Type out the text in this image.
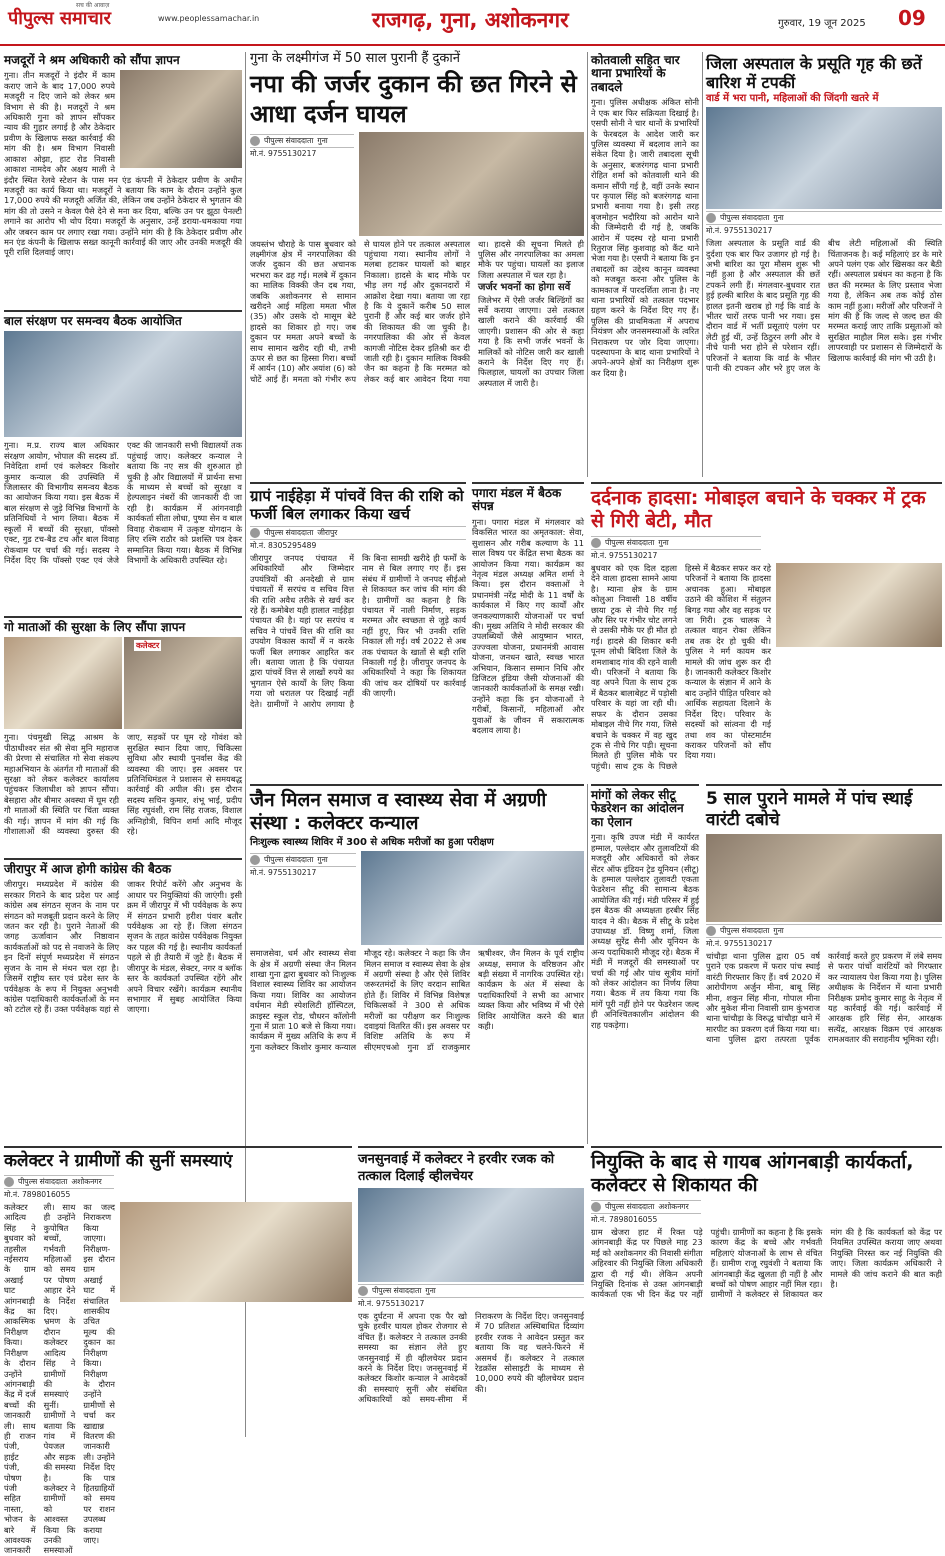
पीपुल्स समाचार
सच की आवाज़
www.peoplessamachar.in	राजगढ़, गुना, अशोकनगर	गुरुवार, 19 जून 2025 09
मजदूरों ने श्रम अधिकारी को सौंपा ज्ञापन
गुना। तीन मजदूरों ने इंदौर में काम कराए जाने के बाद 17,000 रुपये मजदूरी न दिए जाने को लेकर श्रम विभाग से की है। मजदूरों ने श्रम अधिकारी गुना को ज्ञापन सौंपकर न्याय की गुहार लगाई है और ठेकेदार प्रवीण के खिलाफ सख्त कार्रवाई की मांग की है। श्रम विभाग निवासी आकाश ओझा, हाट रोड निवासी आकाश नामदेव और अक्षय माली ने इंदौर स्थित रेलवे स्टेशन के पास मन एंड कंपनी में ठेकेदार प्रवीण के अधीन मजदूरी का कार्य किया था। मजदूरों ने बताया कि काम के दौरान उन्होंने कुल 17,000 रुपये की मजदूरी अर्जित की, लेकिन जब उन्होंने ठेकेदार से भुगतान की मांग की तो उसने न केवल पैसे देने से मना कर दिया, बल्कि उन पर झूठा पेनल्टी लगाने का आरोप भी थोप दिया। मजदूरों के अनुसार, उन्हें डराया-धमकाया गया और जबरन काम पर लगाए रखा गया। उन्होंने मांग की है कि ठेकेदार प्रवीण और मन एंड कंपनी के खिलाफ सख्त कानूनी कार्रवाई की जाए और उनकी मजदूरी की पूरी राशि दिलवाई जाए।
बाल संरक्षण पर समन्वय बैठक आयोजित
गुना। म.प्र. राज्य बाल अधिकार संरक्षण आयोग, भोपाल की सदस्य डॉ. निवेदिता शर्मा एवं कलेक्टर किशोर कुमार कन्याल की उपस्थिति में जिलास्तर की विभागीय समन्वय बैठक का आयोजन किया गया। इस बैठक में बाल संरक्षण से जुड़े विभिन्न विभागों के प्रतिनिधियों ने भाग लिया। बैठक में स्कूलों में बच्चों की सुरक्षा, पॉक्सो एक्ट, गुड टच-बैड टच और बाल विवाह रोकथाम पर चर्चा की गई। सदस्य ने निर्देश दिए कि पॉक्सो एक्ट एवं जेजे एक्ट की जानकारी सभी विद्यालयों तक पहुंचाई जाए। कलेक्टर कन्याल ने बताया कि नए सत्र की शुरुआत हो चुकी है और विद्यालयों में प्रार्थना सभा के माध्यम से बच्चों को सुरक्षा व हेल्पलाइन नंबरों की जानकारी दी जा रही है। कार्यक्रम में आंगनवाड़ी कार्यकर्ता सीता लोधा, पुष्पा सेन व बाल विवाह रोकथाम में उत्कृष्ट योगदान के लिए रश्मि राठौर को प्रशस्ति पत्र देकर सम्मानित किया गया। बैठक में विभिन्न विभागों के अधिकारी उपस्थित रहे।
गो माताओं की सुरक्षा के लिए सौंपा ज्ञापन
कलेक्टर
गुना। पंचमुखी सिद्ध आश्रम के पीठाधीश्वर संत श्री सेवा मुनि महाराज की प्रेरणा से संचालित गो सेवा संकल्प महाअभियान के अंतर्गत गौ माताओं की सुरक्षा को लेकर कलेक्टर कार्यालय पहुंचकर जिलाधीश को ज्ञापन सौंपा। बेसहारा और बीमार अवस्था में घूम रही गौ माताओं की स्थिति पर चिंता व्यक्त की गई। ज्ञापन में मांग की गई कि गौशालाओं की व्यवस्था दुरुस्त की जाए, सड़कों पर घूम रहे गोवंश को सुरक्षित स्थान दिया जाए, चिकित्सा सुविधा और स्थायी पुनर्वास केंद्र की व्यवस्था की जाए। इस अवसर पर प्रतिनिधिमंडल ने प्रशासन से समयबद्ध कार्रवाई की अपील की। इस दौरान सदस्य सचिन कुमार, शंभू भाई, प्रदीप सिंह रघुवंशी, राम सिंह राजक, विशाल अग्निहोत्री, विपिन शर्मा आदि मौजूद रहे।
जीरापुर में आज होगी कांग्रेस की बैठक
जीरापुर। मध्यप्रदेश में कांग्रेस की सरकार गिराने के बाद प्रदेश पर आई कांग्रेस अब संगठन सृजन के नाम पर संगठन को मजबूती प्रदान करने के लिए जतन कर रही है। पुराने नेताओं की जगह ऊर्जावान और निष्ठावान कार्यकर्ताओं को पद से नवाजने के लिए इन दिनों संपूर्ण मध्यप्रदेश में संगठन सृजन के नाम से मंथन चल रहा है। जिसमें राष्ट्रीय स्तर एवं प्रदेश स्तर के पर्यवेक्षक के रूप में नियुक्त अनुभवी कांग्रेस पदाधिकारी कार्यकर्ताओं के मन को टटोल रहे हैं। उक्त पर्यवेक्षक यहां से जाकर रिपोर्ट करेंगे और अनुभव के आधार पर नियुक्तियां की जाएंगी। इसी क्रम में जीरापुर में भी पर्यवेक्षक के रूप में संगठन प्रभारी हरीश पंवार बतौर पर्यवेक्षक आ रहे हैं। जिला संगठन सृजन के तहत कांग्रेस पर्यवेक्षक नियुक्त कर पहल की गई है। स्थानीय कार्यकर्ता पहले से ही तैयारी में जुटे हैं। बैठक में जीरापुर के मंडल, सेक्टर, नगर व ब्लॉक स्तर के कार्यकर्ता उपस्थित रहेंगे और अपने विचार रखेंगे। कार्यक्रम स्थानीय सभागार में सुबह आयोजित किया जाएगा।
गुना के लक्ष्मीगंज में 50 साल पुरानी हैं दुकानें
नपा की जर्जर दुकान की छत गिरने से आधा दर्जन घायल
पीपुल्स संवाददाता गुना
मो.नं. 9755130217
जयस्तंभ चौराहे के पास बुधवार को लक्ष्मीगंज क्षेत्र में नगरपालिका की जर्जर दुकान की छत अचानक भरभरा कर ढह गई। मलबे में दुकान का मालिक विक्की जैन दब गया, जबकि अशोकनगर से सामान खरीदने आई महिला ममता भील (35) और उसके दो मासूम बेटे हादसे का शिकार हो गए। जब दुकान पर ममता अपने बच्चों के साथ सामान खरीद रही थी, तभी ऊपर से छत का हिस्सा गिरा। बच्चों में आर्यन (10) और अयांश (6) को चोटें आई हैं। ममता को गंभीर रूप से घायल होने पर तत्काल अस्पताल पहुंचाया गया। स्थानीय लोगों ने मलबा हटाकर घायलों को बाहर निकाला। हादसे के बाद मौके पर भीड़ लग गई और दुकानदारों में आक्रोश देखा गया। बताया जा रहा है कि ये दुकानें करीब 50 साल पुरानी हैं और कई बार जर्जर होने की शिकायत की जा चुकी है। नगरपालिका की ओर से केवल कागजी नोटिस देकर इतिश्री कर दी जाती रही है। दुकान मालिक विक्की जैन का कहना है कि मरम्मत को लेकर कई बार आवेदन दिया गया था। हादसे की सूचना मिलते ही पुलिस और नगरपालिका का अमला मौके पर पहुंचा। घायलों का इलाज जिला अस्पताल में चल रहा है।
जर्जर भवनों का होगा सर्वे
जिलेभर में ऐसी जर्जर बिल्डिंगों का सर्वे कराया जाएगा। उसे तत्काल खाली कराने की कार्रवाई की जाएगी। प्रशासन की ओर से कहा गया है कि सभी जर्जर भवनों के मालिकों को नोटिस जारी कर खाली कराने के निर्देश दिए गए हैं। फिलहाल, घायलों का उपचार जिला अस्पताल में जारी है।
कोतवाली सहित चार थाना प्रभारियों के तबादले
गुना। पुलिस अधीक्षक अंकित सोनी ने एक बार फिर सक्रियता दिखाई है। एसपी सोनी ने चार थानों के प्रभारियों के फेरबदल के आदेश जारी कर पुलिस व्यवस्था में बदलाव लाने का संकेत दिया है। जारी तबादला सूची के अनुसार, बजरंगगढ़ थाना प्रभारी रोहित शर्मा को कोतवाली थाने की कमान सौंपी गई है, वहीं उनके स्थान पर कृपाल सिंह को बजरंगगढ़ थाना प्रभारी बनाया गया है। इसी तरह बृजमोहन भदौरिया को आरोन थाने की जिम्मेदारी दी गई है, जबकि आरोन में पदस्थ रहे थाना प्रभारी रितुराज सिंह कुशवाह को कैंट थाने भेजा गया है। एसपी ने बताया कि इन तबादलों का उद्देश्य कानून व्यवस्था को मजबूत करना और पुलिस के कामकाज में पारदर्शिता लाना है। नए थाना प्रभारियों को तत्काल पदभार ग्रहण करने के निर्देश दिए गए हैं। पुलिस की प्राथमिकता में अपराध नियंत्रण और जनसमस्याओं के त्वरित निराकरण पर जोर दिया जाएगा। पदस्थापना के बाद थाना प्रभारियों ने अपने-अपने क्षेत्रों का निरीक्षण शुरू कर दिया है।
जिला अस्पताल के प्रसूति गृह की छतें बारिश में टपकीं
वार्ड में भरा पानी, महिलाओं की जिंदगी खतरे में
पीपुल्स संवाददाता गुना
मो.नं. 9755130217
जिला अस्पताल के प्रसूति वार्ड की दुर्दशा एक बार फिर उजागर हो गई है। अभी बारिश का पूरा मौसम शुरू भी नहीं हुआ है और अस्पताल की छतें टपकने लगी हैं। मंगलवार-बुधवार रात हुई हल्की बारिश के बाद प्रसूति गृह की हालत इतनी खराब हो गई कि वार्ड के भीतर चारों तरफ पानी भर गया। इस दौरान वार्ड में भर्ती प्रसूताएं पलंग पर लेटी हुई थीं, उन्हें ठिठुरन लगी और वे नीचे पानी भरा होने से परेशान रहीं। परिजनों ने बताया कि वार्ड के भीतर पानी की टपकन और भरे हुए जल के बीच लेटी महिलाओं की स्थिति चिंताजनक है। कई महिलाएं डर के मारे अपने पलंग एक ओर खिसका कर बैठी रहीं। अस्पताल प्रबंधन का कहना है कि छत की मरम्मत के लिए प्रस्ताव भेजा गया है, लेकिन अब तक कोई ठोस काम नहीं हुआ। मरीजों और परिजनों ने मांग की है कि जल्द से जल्द छत की मरम्मत कराई जाए ताकि प्रसूताओं को सुरक्षित माहौल मिल सके। इस गंभीर लापरवाही पर प्रशासन से जिम्मेदारों के खिलाफ कार्रवाई की मांग भी उठी है।
ग्रापं नाईहेड़ा में पांचवें वित्त की राशि को फर्जी बिल लगाकर किया खर्च
पीपुल्स संवाददाता जीरापुर
मो.नं. 8305295489
जीरापुर जनपद पंचायत में अधिकारियों और जिम्मेदार उपयंत्रियों की अनदेखी से ग्राम पंचायतों में सरपंच व सचिव वित्त की राशि अवैध तरीके से खर्च कर रहे हैं। कमोबेश यही हालात नाईहेड़ा पंचायत की है। यहां पर सरपंच व सचिव ने पांचवें वित्त की राशि का उपयोग विकास कार्यों में न करके फर्जी बिल लगाकर आहरित कर ली। बताया जाता है कि पंचायत द्वारा पांचवें वित्त से लाखों रुपये का भुगतान ऐसे कार्यों के लिए किया गया जो धरातल पर दिखाई नहीं देते। ग्रामीणों ने आरोप लगाया है कि बिना सामग्री खरीदे ही फर्मों के नाम से बिल लगाए गए हैं। इस संबंध में ग्रामीणों ने जनपद सीईओ से शिकायत कर जांच की मांग की है। ग्रामीणों का कहना है कि पंचायत में नाली निर्माण, सड़क मरम्मत और स्वच्छता से जुड़े कार्य नहीं हुए, फिर भी उनकी राशि निकाल ली गई। वर्ष 2022 से अब तक पंचायत के खातों से बड़ी राशि निकाली गई है। जीरापुर जनपद के अधिकारियों ने कहा कि शिकायत की जांच कर दोषियों पर कार्रवाई की जाएगी।
पगारा मंडल में बैठक संपन्न
गुना। पगारा मंडल में मंगलवार को विकसित भारत का अमृतकाल: सेवा, सुशासन और गरीब कल्याण के 11 साल विषय पर केंद्रित सभा बैठक का आयोजन किया गया। कार्यक्रम का नेतृत्व मंडल अध्यक्ष अमित शर्मा ने किया। इस दौरान वक्ताओं ने प्रधानमंत्री नरेंद्र मोदी के 11 वर्षों के कार्यकाल में किए गए कार्यों और जनकल्याणकारी योजनाओं पर चर्चा की। मुख्य अतिथि ने मोदी सरकार की उपलब्धियों जैसे आयुष्मान भारत, उज्ज्वला योजना, प्रधानमंत्री आवास योजना, जनधन खाते, स्वच्छ भारत अभियान, किसान सम्मान निधि और डिजिटल इंडिया जैसी योजनाओं की जानकारी कार्यकर्ताओं के समक्ष रखी। उन्होंने कहा कि इन योजनाओं ने गरीबों, किसानों, महिलाओं और युवाओं के जीवन में सकारात्मक बदलाव लाया है।
दर्दनाक हादसा: मोबाइल बचाने के चक्कर में ट्रक से गिरी बेटी, मौत
पीपुल्स संवाददाता गुना
मो.नं. 9755130217
बुधवार को एक दिल दहला देने वाला हादसा सामने आया है। म्याना क्षेत्र के ग्राम कोलुआ निवासी 18 वर्षीय छाया ट्रक से नीचे गिर गई और सिर पर गंभीर चोट लगने से उसकी मौके पर ही मौत हो गई। हादसे की शिकार बनी पूनम लोधी बिदिशा जिले के शमशाबाद गांव की रहने वाली थी। परिजनों ने बताया कि वह अपने पिता के साथ ट्रक में बैठकर बालाबेहट में पड़ोसी परिवार के यहां जा रही थी। सफर के दौरान उसका मोबाइल नीचे गिर गया, जिसे बचाने के चक्कर में वह खुद ट्रक से नीचे गिर पड़ी। सूचना मिलते ही पुलिस मौके पर पहुंची। साथ ट्रक के पिछले हिस्से में बैठकर सफर कर रहे परिजनों ने बताया कि हादसा अचानक हुआ। मोबाइल उठाने की कोशिश में संतुलन बिगड़ गया और वह सड़क पर जा गिरी। ट्रक चालक ने तत्काल वाहन रोका लेकिन तब तक देर हो चुकी थी। पुलिस ने मर्ग कायम कर मामले की जांच शुरू कर दी है। जानकारी कलेक्टर किशोर कन्याल के संज्ञान में आने के बाद उन्होंने पीड़ित परिवार को आर्थिक सहायता दिलाने के निर्देश दिए। परिवार के सदस्यों को सांत्वना दी गई तथा शव का पोस्टमार्टम कराकर परिजनों को सौंप दिया गया।
जैन मिलन समाज व स्वास्थ्य सेवा में अग्रणी संस्था : कलेक्टर कन्याल
निःशुल्क स्वास्थ्य शिविर में 300 से अधिक मरीजों का हुआ परीक्षण
पीपुल्स संवाददाता गुना
मो.नं. 9755130217
समाजसेवा, धर्म और स्वास्थ्य सेवा के क्षेत्र में अग्रणी संस्था जैन मिलन शाखा गुना द्वारा बुधवार को निःशुल्क विशाल स्वास्थ्य शिविर का आयोजन किया गया। शिविर का आयोजन वर्धमान मेडी स्पेशलिटी हॉस्पिटल, क्राइस्ट स्कूल रोड, चौधरन कॉलोनी गुना में प्रातः 10 बजे से किया गया। कार्यक्रम में मुख्य अतिथि के रूप में गुना कलेक्टर किशोर कुमार कन्याल मौजूद रहे। कलेक्टर ने कहा कि जैन मिलन समाज व स्वास्थ्य सेवा के क्षेत्र में अग्रणी संस्था है और ऐसे शिविर जरूरतमंदों के लिए वरदान साबित होते हैं। शिविर में विभिन्न विशेषज्ञ चिकित्सकों ने 300 से अधिक मरीजों का परीक्षण कर निःशुल्क दवाइयां वितरित कीं। इस अवसर पर विशिष्ट अतिथि के रूप में सीएमएचओ गुना डॉ राजकुमार ऋषीश्वर, जैन मिलन के पूर्व राष्ट्रीय अध्यक्ष, समाज के वरिष्ठजन और बड़ी संख्या में नागरिक उपस्थित रहे। कार्यक्रम के अंत में संस्था के पदाधिकारियों ने सभी का आभार व्यक्त किया और भविष्य में भी ऐसे शिविर आयोजित करने की बात कही।
मांगों को लेकर सीटू फेडरेशन का आंदोलन का ऐलान
गुना। कृषि उपज मंडी में कार्यरत हम्माल, पल्लेदार और तुलावटियों की मजदूरी और अधिकारों को लेकर सेंटर ऑफ इंडियन ट्रेड यूनियन (सीटू) के हम्माल पल्लेदार तुलावटी एकता फेडरेशन सीटू की सामान्य बैठक आयोजित की गई। मंडी परिसर में हुई इस बैठक की अध्यक्षता हरबीर सिंह यादव ने की। बैठक में सीटू के प्रदेश उपाध्यक्ष डॉ. विष्णु शर्मा, जिला अध्यक्ष सुरेंद्र सैनी और यूनियन के अन्य पदाधिकारी मौजूद रहे। बैठक में मंडी में मजदूरों की समस्याओं पर चर्चा की गई और पांच सूत्रीय मांगों को लेकर आंदोलन का निर्णय लिया गया। बैठक में तय किया गया कि मांगें पूरी नहीं होने पर फेडरेशन जल्द ही अनिश्चितकालीन आंदोलन की राह पकड़ेगा।
5 साल पुराने मामले में पांच स्थाई वारंटी दबोचे
पीपुल्स संवाददाता गुना
मो.नं. 9755130217
चांचौड़ा थाना पुलिस द्वारा 05 वर्ष पुराने एक प्रकरण में फरार पांच स्थाई वारंटी गिरफ्तार किए हैं। वर्ष 2020 में आरोपीगण अर्जुन मीना, बाबू सिंह मीना, शकुन सिंह मीना, गोपाल मीना और मुकेश मीना निवासी ग्राम कुंभराज थाना चांचौड़ा के विरुद्ध चांचौड़ा थाने में मारपीट का प्रकरण दर्ज किया गया था। थाना पुलिस द्वारा तत्परता पूर्वक कार्रवाई करते हुए प्रकरण में लंबे समय से फरार पांचों वारंटियों को गिरफ्तार कर न्यायालय पेश किया गया है। पुलिस अधीक्षक के निर्देशन में थाना प्रभारी निरीक्षक प्रमोद कुमार साहू के नेतृत्व में यह कार्रवाई की गई। कार्रवाई में आरक्षक हरि सिंह सेन, आरक्षक सत्येंद्र, आरक्षक विक्रम एवं आरक्षक रामअवतार की सराहनीय भूमिका रही।
कलेक्टर ने ग्रामीणों की सुनीं समस्याएं
पीपुल्स संवाददाता अशोकनगर
मो.नं. 7898016055
कलेक्टर आदित्य सिंह ने बुधवार को तहसील नईसराय के ग्राम अखाई घाट आंगनबाड़ी केंद्र का आकस्मिक निरीक्षण किया। निरीक्षण के दौरान उन्होंने आंगनबाड़ी केंद्र में दर्ज बच्चों की जानकारी ली। साथ ही राजन पंजी, हाईट पंजी, पोषण पंजी सहित नास्ता, भोजन के बारे में आवश्यक जानकारी ली। साथ ही उन्होंने कुपोषित बच्चों, गर्भवती महिलाओं को समय पर पोषण आहार देने के निर्देश दिए। भ्रमण के दौरान कलेक्टर आदित्य सिंह ने ग्रामीणों की समस्याएं सुनीं। ग्रामीणों ने बताया कि गांव में पेयजल और सड़क की समस्या है। कलेक्टर ने ग्रामीणों को आश्वस्त किया कि उनकी समस्याओं का जल्द निराकरण किया जाएगा। निरीक्षण-इस दौरान ग्राम अखाई घाट में संचालित शासकीय उचित मूल्य की दुकान का निरीक्षण किया। निरीक्षण के दौरान उन्होंने ग्रामीणों से चर्चा कर खाद्यान्न वितरण की जानकारी ली। उन्होंने निर्देश दिए कि पात्र हितग्राहियों को समय पर राशन उपलब्ध कराया जाए।
जनसुनवाई में कलेक्टर ने हरवीर रजक को तत्काल दिलाई व्हीलचेयर
पीपुल्स संवाददाता गुना
मो.नं. 9755130217
एक दुर्घटना में अपना एक पैर खो चुके हरवीर घायल होकर रोजगार से वंचित हैं। कलेक्टर ने तत्काल उनकी समस्या का संज्ञान लेते हुए जनसुनवाई में ही व्हीलचेयर प्रदान करने के निर्देश दिए। जनसुनवाई में कलेक्टर किशोर कन्याल ने आवेदकों की समस्याएं सुनीं और संबंधित अधिकारियों को समय-सीमा में निराकरण के निर्देश दिए। जनसुनवाई में 70 प्रतिशत अस्थिबाधित दिव्यांग हरवीर रजक ने आवेदन प्रस्तुत कर बताया कि वह चलने-फिरने में असमर्थ हैं। कलेक्टर ने तत्काल रेडक्रॉस सोसाइटी के माध्यम से 10,000 रुपये की व्हीलचेयर प्रदान की।
नियुक्ति के बाद से गायब आंगनबाड़ी कार्यकर्ता, कलेक्टर से शिकायत की
पीपुल्स संवाददाता अशोकनगर
मो.नं. 7898016055
ग्राम खेजरा हाट में रिक्त पड़े आंगनबाड़ी केंद्र पर पिछले माह 23 मई को अशोकनगर की निवासी संगीता अहिरवार की नियुक्ति जिला अधिकारी द्वारा दी गई थी। लेकिन अपनी नियुक्ति दिनांक से उक्त आंगनबाड़ी कार्यकर्ता एक भी दिन केंद्र पर नहीं पहुंची। ग्रामीणों का कहना है कि इसके कारण केंद्र के बच्चे और गर्भवती महिलाएं योजनाओं के लाभ से वंचित हैं। ग्रामीण राजू रघुवंशी ने बताया कि आंगनबाड़ी केंद्र खुलता ही नहीं है और बच्चों को पोषण आहार नहीं मिल रहा। ग्रामीणों ने कलेक्टर से शिकायत कर मांग की है कि कार्यकर्ता को केंद्र पर नियमित उपस्थित कराया जाए अथवा नियुक्ति निरस्त कर नई नियुक्ति की जाए। जिला कार्यक्रम अधिकारी ने मामले की जांच कराने की बात कही है।
